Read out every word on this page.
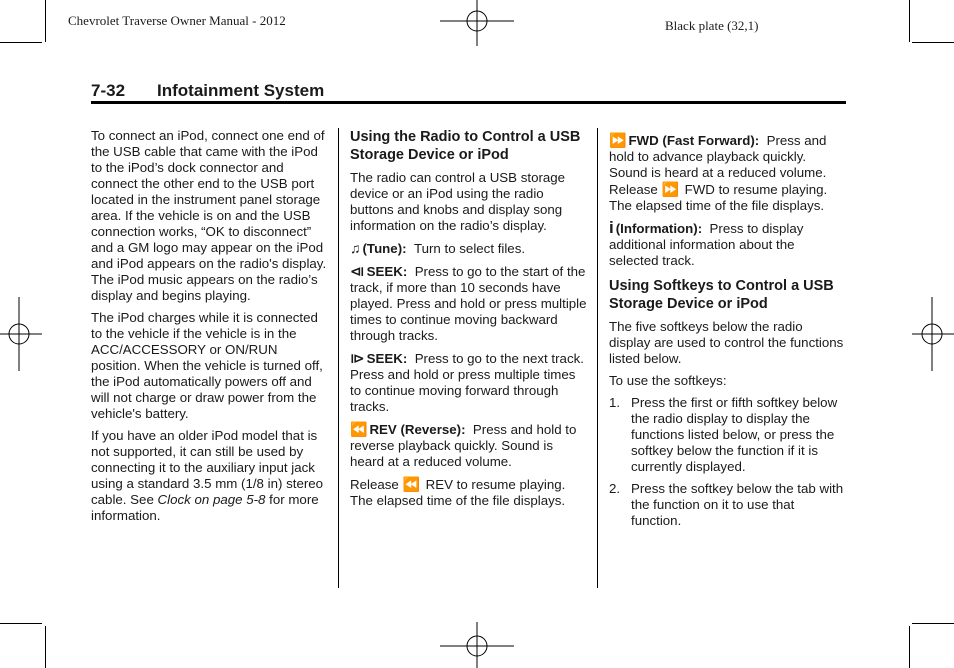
Chevrolet Traverse Owner Manual - 2012	Black plate (32,1)
7-32 Infotainment System

To connect an iPod, connect one end of the USB cable that came with the iPod to the iPod’s dock connector and connect the other end to the USB port located in the instrument panel storage area. If the vehicle is on and the USB connection works, “OK to disconnect” and a GM logo may appear on the iPod and iPod appears on the radio's display. The iPod music appears on the radio’s display and begins playing.

The iPod charges while it is connected to the vehicle if the vehicle is in the ACC/ACCESSORY or ON/RUN position. When the vehicle is turned off, the iPod automatically powers off and will not charge or draw power from the vehicle's battery.

If you have an older iPod model that is not supported, it can still be used by connecting it to the auxiliary input jack using a standard 3.5 mm (1/8 in) stereo cable. See Clock on page 5‑8 for more information.

Using the Radio to Control a USB Storage Device or iPod

The radio can control a USB storage device or an iPod using the radio buttons and knobs and display song information on the radio’s display.

♫ (Tune): Turn to select files.

⧏ SEEK: Press to go to the start of the track, if more than 10 seconds have played. Press and hold or press multiple times to continue moving backward through tracks.

⧐ SEEK: Press to go to the next track. Press and hold or press multiple times to continue moving forward through tracks.

⏪ REV (Reverse): Press and hold to reverse playback quickly. Sound is heard at a reduced volume.

Release ⏪ REV to resume playing. The elapsed time of the file displays.

⏩ FWD (Fast Forward): Press and hold to advance playback quickly. Sound is heard at a reduced volume. Release ⏩ FWD to resume playing. The elapsed time of the file displays.

i (Information): Press to display additional information about the selected track.

Using Softkeys to Control a USB Storage Device or iPod

The five softkeys below the radio display are used to control the functions listed below.

To use the softkeys:

1. Press the first or fifth softkey below the radio display to display the functions listed below, or press the softkey below the function if it is currently displayed.
2. Press the softkey below the tab with the function on it to use that function.
